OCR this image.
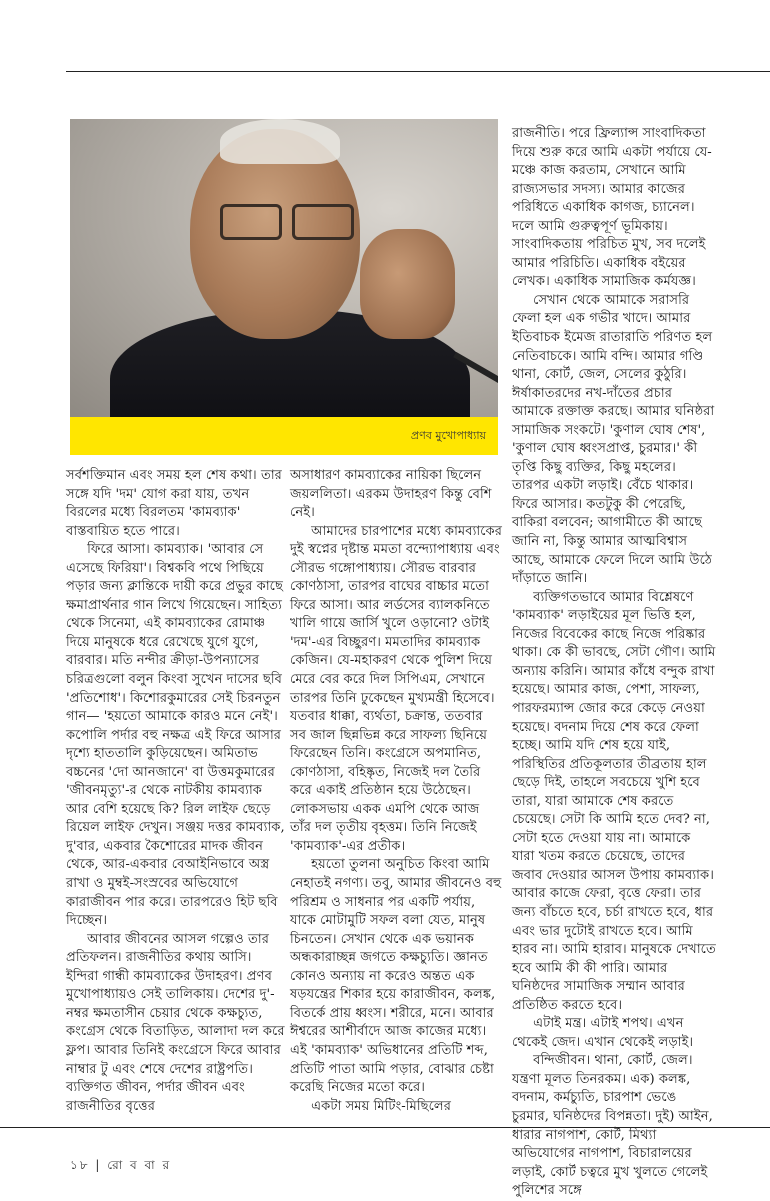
প্রণব মুখোপাধ্যায়

সর্বশক্তিমান এবং সময় হল শেষ কথা। তার সঙ্গে যদি 'দম' যোগ করা যায়, তখন বিরলের মধ্যে বিরলতম 'কামব্যাক' বাস্তবায়িত হতে পারে।

ফিরে আসা। কামব্যাক। 'আবার সে এসেছে ফিরিয়া'। বিশ্বকবি পথে পিছিয়ে পড়ার জন্য ক্লান্তিকে দায়ী করে প্রভুর কাছে ক্ষমাপ্রার্থনার গান লিখে গিয়েছেন। সাহিত্য থেকে সিনেমা, এই কামব্যাকের রোমাঞ্চ দিয়ে মানুষকে ধরে রেখেছে যুগে যুগে, বারবার। মতি নন্দীর ক্রীড়া-উপন্যাসের চরিত্রগুলো বলুন কিংবা সুখেন দাসের ছবি 'প্রতিশোধ'। কিশোরকুমারের সেই চিরনতুন গান— 'হয়তো আমাকে কারও মনে নেই'। কপোলি পর্দার বহু নক্ষত্র এই ফিরে আসার দৃশ্যে হাততালি কুড়িয়েছেন। অমিতাভ বচ্চনের 'দো আনজানে' বা উত্তমকুমারের 'জীবনমৃত্যু'-র থেকে নাটকীয় কামব্যাক আর বেশি হয়েছে কি? রিল লাইফ ছেড়ে রিয়েল লাইফ দেখুন। সঞ্জয় দত্তর কামব্যাক, দু'বার, একবার কৈশোরের মাদক জীবন থেকে, আর-একবার বেআইনিভাবে অস্ত্র রাখা ও মুম্বই-সংস্রবের অভিযোগে কারাজীবন পার করে। তারপরেও হিট ছবি দিচ্ছেন।

আবার জীবনের আসল গল্পেও তার প্রতিফলন। রাজনীতির কথায় আসি। ইন্দিরা গান্ধী কামব্যাকের উদাহরণ। প্রণব মুখোপাধ্যায়ও সেই তালিকায়। দেশের দু'-নম্বর ক্ষমতাসীন চেয়ার থেকে কক্ষচ্যুত, কংগ্রেস থেকে বিতাড়িত, আলাদা দল করে ফ্লপ। আবার তিনিই কংগ্রেসে ফিরে আবার নাম্বার টু এবং শেষে দেশের রাষ্ট্রপতি। ব্যক্তিগত জীবন, পর্দার জীবন এবং রাজনীতির বৃত্তের

অসাধারণ কামব্যাকের নায়িকা ছিলেন জয়ললিতা। এরকম উদাহরণ কিন্তু বেশি নেই।

আমাদের চারপাশের মধ্যে কামব্যাকের দুই স্বপ্নের দৃষ্টান্ত মমতা বন্দ্যোপাধ্যায় এবং সৌরভ গঙ্গোপাধ্যায়। সৌরভ বারবার কোণঠাসা, তারপর বাঘের বাচ্চার মতো ফিরে আসা। আর লর্ডসের ব্যালকনিতে খালি গায়ে জার্সি খুলে ওড়ানো? ওটাই 'দম'-এর বিচ্ছুরণ। মমতাদির কামব্যাক কেজিন। যে-মহাকরণ থেকে পুলিশ দিয়ে মেরে বের করে দিল সিপিএম, সেখানে তারপর তিনি ঢুকেছেন মুখ্যমন্ত্রী হিসেবে। যতবার ধাক্কা, ব্যর্থতা, চক্রান্ত, ততবার সব জাল ছিন্নভিন্ন করে সাফল্য ছিনিয়ে ফিরেছেন তিনি। কংগ্রেসে অপমানিত, কোণঠাসা, বহিষ্কৃত, নিজেই দল তৈরি করে একাই প্রতিষ্ঠান হয়ে উঠেছেন। লোকসভায় একক এমপি থেকে আজ তাঁর দল তৃতীয় বৃহত্তম। তিনি নিজেই 'কামব্যাক'-এর প্রতীক।

হয়তো তুলনা অনুচিত কিংবা আমি নেহাতই নগণ্য। তবু, আমার জীবনেও বহু পরিশ্রম ও সাধনার পর একটি পর্যায়, যাকে মোটামুটি সফল বলা যেত, মানুষ চিনতেন। সেখান থেকে এক ভয়ানক অন্ধকারাচ্ছন্ন জগতে কক্ষচ্যুতি। জ্ঞানত কোনও অন্যায় না করেও অন্তত এক ষড়যন্ত্রের শিকার হয়ে কারাজীবন, কলঙ্ক, বিতর্কে প্রায় ধ্বংস। শরীরে, মনে। আবার ঈশ্বরের আশীর্বাদে আজ কাজের মধ্যে। এই 'কামব্যাক' অভিধানের প্রতিটি শব্দ, প্রতিটি পাতা আমি পড়ার, বোঝার চেষ্টা করেছি নিজের মতো করে।

একটা সময় মিটিং-মিছিলের

রাজনীতি। পরে ফ্রিল্যান্স সাংবাদিকতা দিয়ে শুরু করে আমি একটা পর্যায়ে যে-মঞ্চে কাজ করতাম, সেখানে আমি রাজ্যসভার সদস্য। আমার কাজের পরিধিতে একাধিক কাগজ, চ্যানেল। দলে আমি গুরুত্বপূর্ণ ভূমিকায়। সাংবাদিকতায় পরিচিত মুখ, সব দলেই আমার পরিচিতি। একাধিক বইয়ের লেখক। একাধিক সামাজিক কর্মযজ্ঞ।

সেখান থেকে আমাকে সরাসরি ফেলা হল এক গভীর খাদে। আমার ইতিবাচক ইমেজ রাতারাতি পরিণত হল নেতিবাচকে। আমি বন্দি। আমার গণ্ডি থানা, কোর্ট, জেল, সেলের কুঠুরি। ঈর্ষাকাতরদের নখ-দাঁতের প্রচার আমাকে রক্তাক্ত করছে। আমার ঘনিষ্ঠরা সামাজিক সংকটে। 'কুণাল ঘোষ শেষ', 'কুণাল ঘোষ ধ্বংসপ্রাপ্ত, চুরমার।' কী তৃপ্তি কিছু ব্যক্তির, কিছু মহলের। তারপর একটা লড়াই। বেঁচে থাকার। ফিরে আসার। কতটুকু কী পেরেছি, বাকিরা বলবেন; আগামীতে কী আছে জানি না, কিন্তু আমার আত্মবিশ্বাস আছে, আমাকে ফেলে দিলে আমি উঠে দাঁড়াতে জানি।

ব্যক্তিগতভাবে আমার বিশ্লেষণে 'কামব্যাক' লড়াইয়ের মূল ভিত্তি হল, নিজের বিবেকের কাছে নিজে পরিষ্কার থাকা। কে কী ভাবছে, সেটা গৌণ। আমি অন্যায় করিনি। আমার কাঁধে বন্দুক রাখা হয়েছে। আমার কাজ, পেশা, সাফল্য, পারফরম্যান্স জোর করে কেড়ে নেওয়া হয়েছে। বদনাম দিয়ে শেষ করে ফেলা হচ্ছে। আমি যদি শেষ হয়ে যাই, পরিস্থিতির প্রতিকূলতার তীব্রতায় হাল ছেড়ে দিই, তাহলে সবচেয়ে খুশি হবে তারা, যারা আমাকে শেষ করতে চেয়েছে। সেটা কি আমি হতে দেব? না, সেটা হতে দেওয়া যায় না। আমাকে যারা খতম করতে চেয়েছে, তাদের জবাব দেওয়ার আসল উপায় কামব্যাক। আবার কাজে ফেরা, বৃত্তে ফেরা। তার জন্য বাঁচতে হবে, চর্চা রাখতে হবে, ধার এবং ভার দুটোই রাখতে হবে। আমি হারব না। আমি হারাব। মানুষকে দেখাতে হবে আমি কী কী পারি। আমার ঘনিষ্ঠদের সামাজিক সম্মান আবার প্রতিষ্ঠিত করতে হবে।

এটাই মন্ত্র। এটাই শপথ। এখন থেকেই জেদ। এখান থেকেই লড়াই।

বন্দিজীবন। থানা, কোর্ট, জেল। যন্ত্রণা মূলত তিনরকম। এক) কলঙ্ক, বদনাম, কর্মচ্যুতি, চারপাশ ভেঙে চুরমার, ঘনিষ্ঠদের বিপন্নতা। দুই) আইন, ধারার নাগপাশ, কোর্ট, মিথ্যা অভিযোগের নাগপাশ, বিচারালয়ের লড়াই, কোর্ট চত্বরে মুখ খুলতে গেলেই পুলিশের সঙ্গে

১৮ | রো ব বা র
